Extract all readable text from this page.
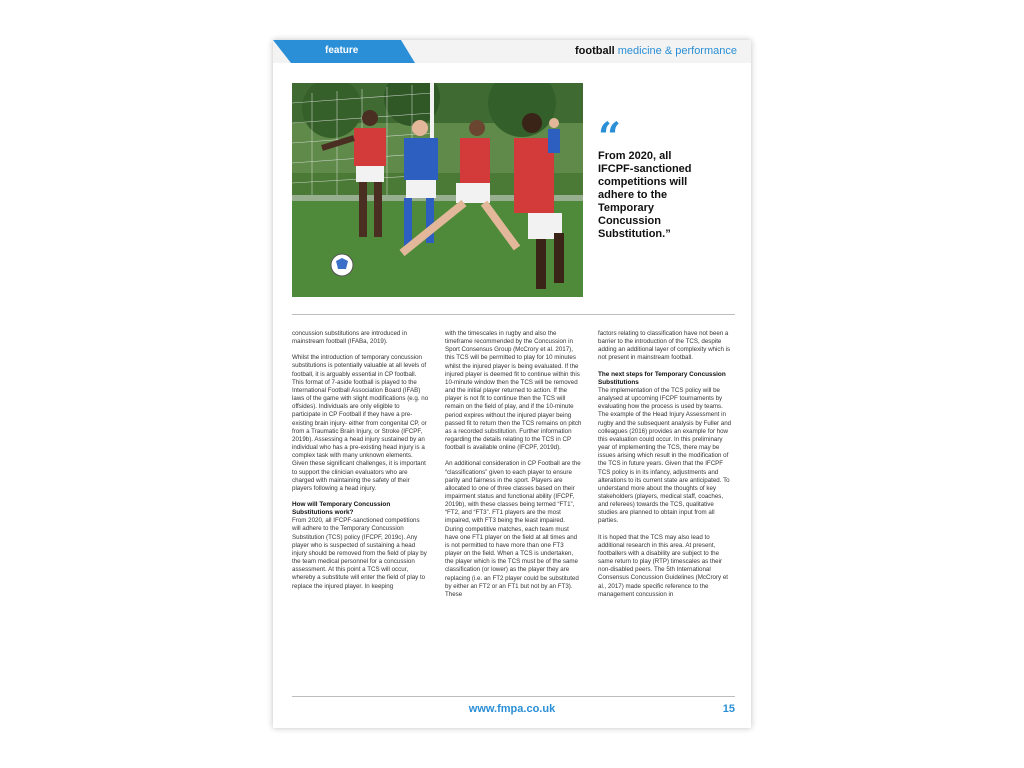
feature	football medicine & performance
“
From 2020, all IFCPF-sanctioned competitions will adhere to the Temporary Concussion Substitution.”

concussion substitutions are introduced in mainstream football (IFABa, 2019).

Whilst the introduction of temporary concussion substitutions is potentially valuable at all levels of football, it is arguably essential in CP football. This format of 7-aside football is played to the International Football Association Board (IFAB) laws of the game with slight modifications (e.g. no offsides). Individuals are only eligible to participate in CP Football if they have a pre-existing brain injury- either from congenital CP, or from a Traumatic Brain Injury, or Stroke (IFCPF, 2019b). Assessing a head injury sustained by an individual who has a pre-existing head injury is a complex task with many unknown elements. Given these significant challenges, it is important to support the clinician evaluators who are charged with maintaining the safety of their players following a head injury.

How will Temporary Concussion Substitutions work?

From 2020, all IFCPF-sanctioned competitions will adhere to the Temporary Concussion Substitution (TCS) policy (IFCPF, 2019c). Any player who is suspected of sustaining a head injury should be removed from the field of play by the team medical personnel for a concussion assessment. At this point a TCS will occur, whereby a substitute will enter the field of play to replace the injured player. In keeping

with the timescales in rugby and also the timeframe recommended by the Concussion in Sport Consensus Group (McCrory et al. 2017), this TCS will be permitted to play for 10 minutes whilst the injured player is being evaluated. If the injured player is deemed fit to continue within this 10-minute window then the TCS will be removed and the initial player returned to action. If the player is not fit to continue then the TCS will remain on the field of play, and if the 10-minute period expires without the injured player being passed fit to return then the TCS remains on pitch as a recorded substitution. Further information regarding the details relating to the TCS in CP football is available online (IFCPF, 2019d).

An additional consideration in CP Football are the “classifications” given to each player to ensure parity and fairness in the sport. Players are allocated to one of three classes based on their impairment status and functional ability (IFCPF, 2019b), with these classes being termed “FT1”, “FT2, and “FT3”. FT1 players are the most impaired, with FT3 being the least impaired. During competitive matches, each team must have one FT1 player on the field at all times and is not permitted to have more than one FT3 player on the field. When a TCS is undertaken, the player which is the TCS must be of the same classification (or lower) as the player they are replacing (i.e. an FT2 player could be substituted by either an FT2 or an FT1 but not by an FT3). These

factors relating to classification have not been a barrier to the introduction of the TCS, despite adding an additional layer of complexity which is not present in mainstream football.

The next steps for Temporary Concussion Substitutions

The implementation of the TCS policy will be analysed at upcoming IFCPF tournaments by evaluating how the process is used by teams. The example of the Head Injury Assessment in rugby and the subsequent analysis by Fuller and colleagues (2016) provides an example for how this evaluation could occur. In this preliminary year of implementing the TCS, there may be issues arising which result in the modification of the TCS in future years. Given that the IFCPF TCS policy is in its infancy, adjustments and alterations to its current state are anticipated. To understand more about the thoughts of key stakeholders (players, medical staff, coaches, and referees) towards the TCS, qualitative studies are planned to obtain input from all parties.

It is hoped that the TCS may also lead to additional research in this area. At present, footballers with a disability are subject to the same return to play (RTP) timescales as their non-disabled peers. The 5th International Consensus Concussion Guidelines (McCrory et al., 2017) made specific reference to the management concussion in

www.fmpa.co.uk	15
